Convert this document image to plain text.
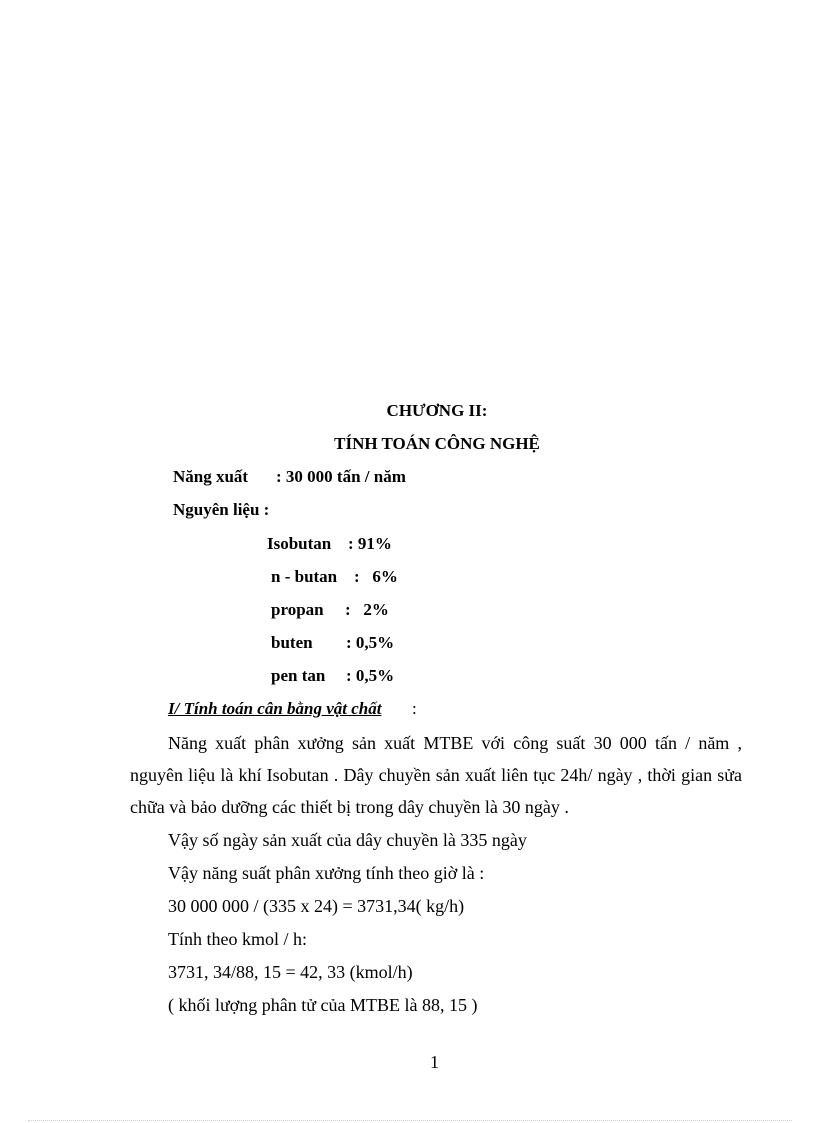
CHƯƠNG II:
TÍNH TOÁN CÔNG NGHỆ
Năng xuất : 30 000 tấn / năm
Nguyên liệu :
Isobutan : 91%
n - butan :   6%
propan :   2%
buten : 0,5%
pen tan : 0,5%
I/ Tính toán cân bằng vật chất :
Năng xuất phân xưởng sản xuất MTBE với công suất 30 000 tấn / năm , nguyên liệu là khí Isobutan . Dây chuyền sản xuất liên tục 24h/ ngày , thời gian sửa chữa và bảo dưỡng các thiết bị trong dây chuyền là 30 ngày .
Vậy số ngày sản xuất của dây chuyền là 335 ngày
Vậy năng suất phân xưởng tính theo giờ là :
30 000 000 / (335 x 24) = 3731,34( kg/h)
Tính theo kmol / h:
3731, 34/88, 15 = 42, 33 (kmol/h)
( khối lượng phân tử của MTBE là 88, 15 )
1
